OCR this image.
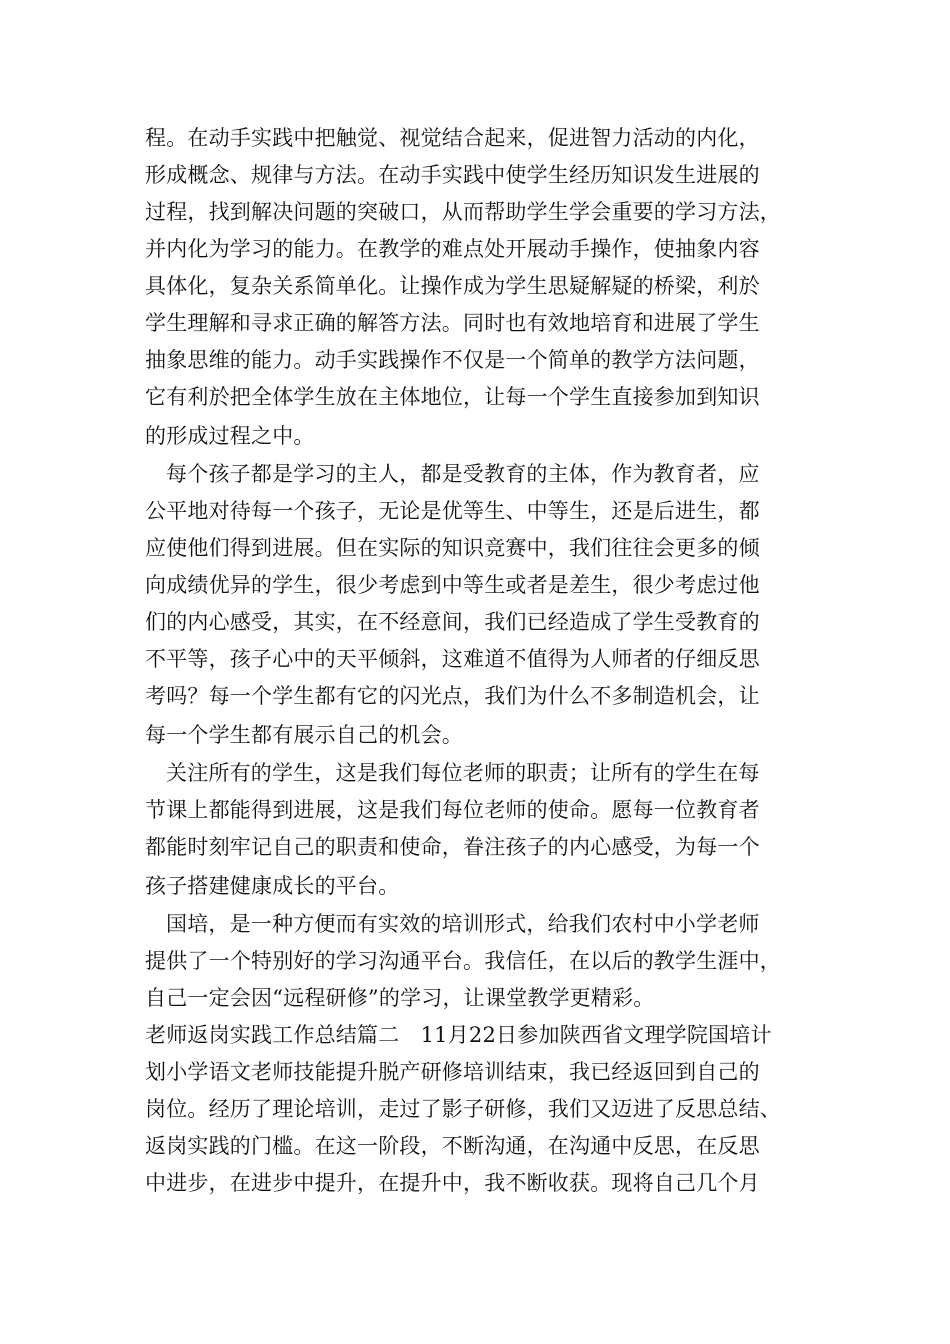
程。在动手实践中把触觉、视觉结合起来，促进智力活动的内化，
形成概念、规律与方法。在动手实践中使学生经历知识发生进展的
过程，找到解决问题的突破口，从而帮助学生学会重要的学习方法，
并内化为学习的能力。在教学的难点处开展动手操作，使抽象内容
具体化，复杂关系简单化。让操作成为学生思疑解疑的桥梁，利於
学生理解和寻求正确的解答方法。同时也有效地培育和进展了学生
抽象思维的能力。动手实践操作不仅是一个简单的教学方法问题，
它有利於把全体学生放在主体地位，让每一个学生直接参加到知识
的形成过程之中。
每个孩子都是学习的主人，都是受教育的主体，作为教育者，应
公平地对待每一个孩子，无论是优等生、中等生，还是后进生，都
应使他们得到进展。但在实际的知识竞赛中，我们往往会更多的倾
向成绩优异的学生，很少考虑到中等生或者是差生，很少考虑过他
们的内心感受，其实，在不经意间，我们已经造成了学生受教育的
不平等，孩子心中的天平倾斜，这难道不值得为人师者的仔细反思
考吗？每一个学生都有它的闪光点，我们为什么不多制造机会，让
每一个学生都有展示自己的机会。
关注所有的学生，这是我们每位老师的职责；让所有的学生在每
节课上都能得到进展，这是我们每位老师的使命。愿每一位教育者
都能时刻牢记自己的职责和使命，眷注孩子的内心感受，为每一个
孩子搭建健康成长的平台。
国培，是一种方便而有实效的培训形式，给我们农村中小学老师
提供了一个特别好的学习沟通平台。我信任，在以后的教学生涯中，
自己一定会因“远程研修”的学习，让课堂教学更精彩。
老师返岗实践工作总结篇二　11月22日参加陕西省文理学院国培计
划小学语文老师技能提升脱产研修培训结束，我已经返回到自己的
岗位。经历了理论培训，走过了影子研修，我们又迈进了反思总结、
返岗实践的门槛。在这一阶段，不断沟通，在沟通中反思，在反思
中进步，在进步中提升，在提升中，我不断收获。现将自己几个月
